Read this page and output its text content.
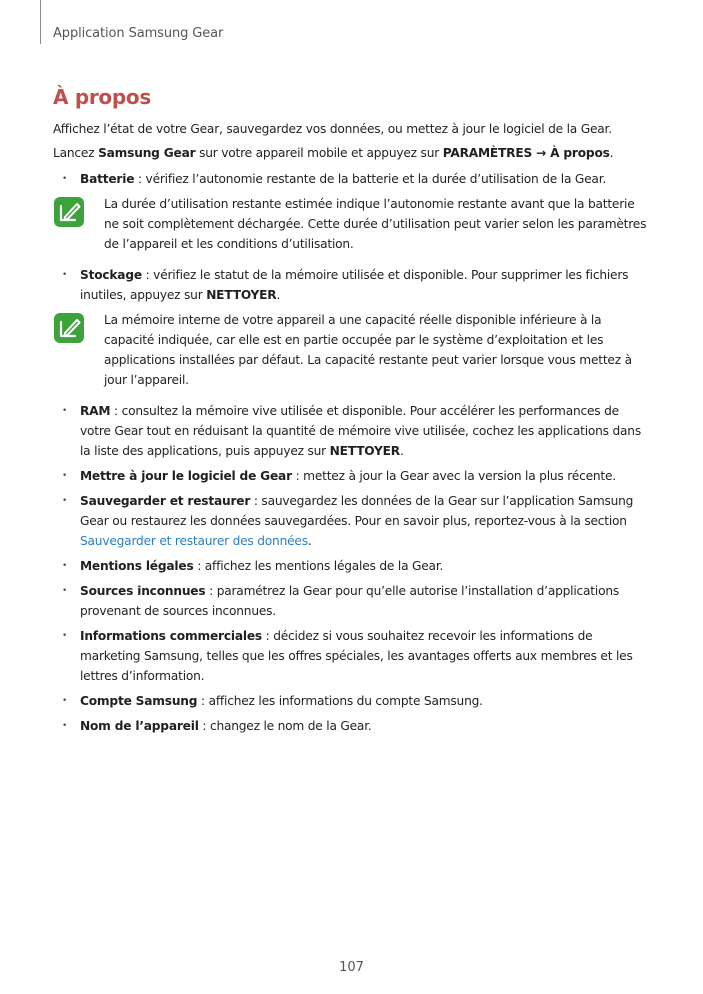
Application Samsung Gear
À propos

Affichez l’état de votre Gear, sauvegardez vos données, ou mettez à jour le logiciel de la Gear.

Lancez Samsung Gear sur votre appareil mobile et appuyez sur PARAMÈTRES → À propos.

• Batterie : vérifiez l’autonomie restante de la batterie et la durée d’utilisation de la Gear.
La durée d’utilisation restante estimée indique l’autonomie restante avant que la batterie ne soit complètement déchargée. Cette durée d’utilisation peut varier selon les paramètres de l’appareil et les conditions d’utilisation.
• Stockage : vérifiez le statut de la mémoire utilisée et disponible. Pour supprimer les fichiers inutiles, appuyez sur NETTOYER.
La mémoire interne de votre appareil a une capacité réelle disponible inférieure à la capacité indiquée, car elle est en partie occupée par le système d’exploitation et les applications installées par défaut. La capacité restante peut varier lorsque vous mettez à jour l’appareil.
• RAM : consultez la mémoire vive utilisée et disponible. Pour accélérer les performances de votre Gear tout en réduisant la quantité de mémoire vive utilisée, cochez les applications dans la liste des applications, puis appuyez sur NETTOYER.
• Mettre à jour le logiciel de Gear : mettez à jour la Gear avec la version la plus récente.
• Sauvegarder et restaurer : sauvegardez les données de la Gear sur l’application Samsung Gear ou restaurez les données sauvegardées. Pour en savoir plus, reportez-vous à la section Sauvegarder et restaurer des données.
• Mentions légales : affichez les mentions légales de la Gear.
• Sources inconnues : paramétrez la Gear pour qu’elle autorise l’installation d’applications provenant de sources inconnues.
• Informations commerciales : décidez si vous souhaitez recevoir les informations de marketing Samsung, telles que les offres spéciales, les avantages offerts aux membres et les lettres d’information.
• Compte Samsung : affichez les informations du compte Samsung.
• Nom de l’appareil : changez le nom de la Gear.
107
